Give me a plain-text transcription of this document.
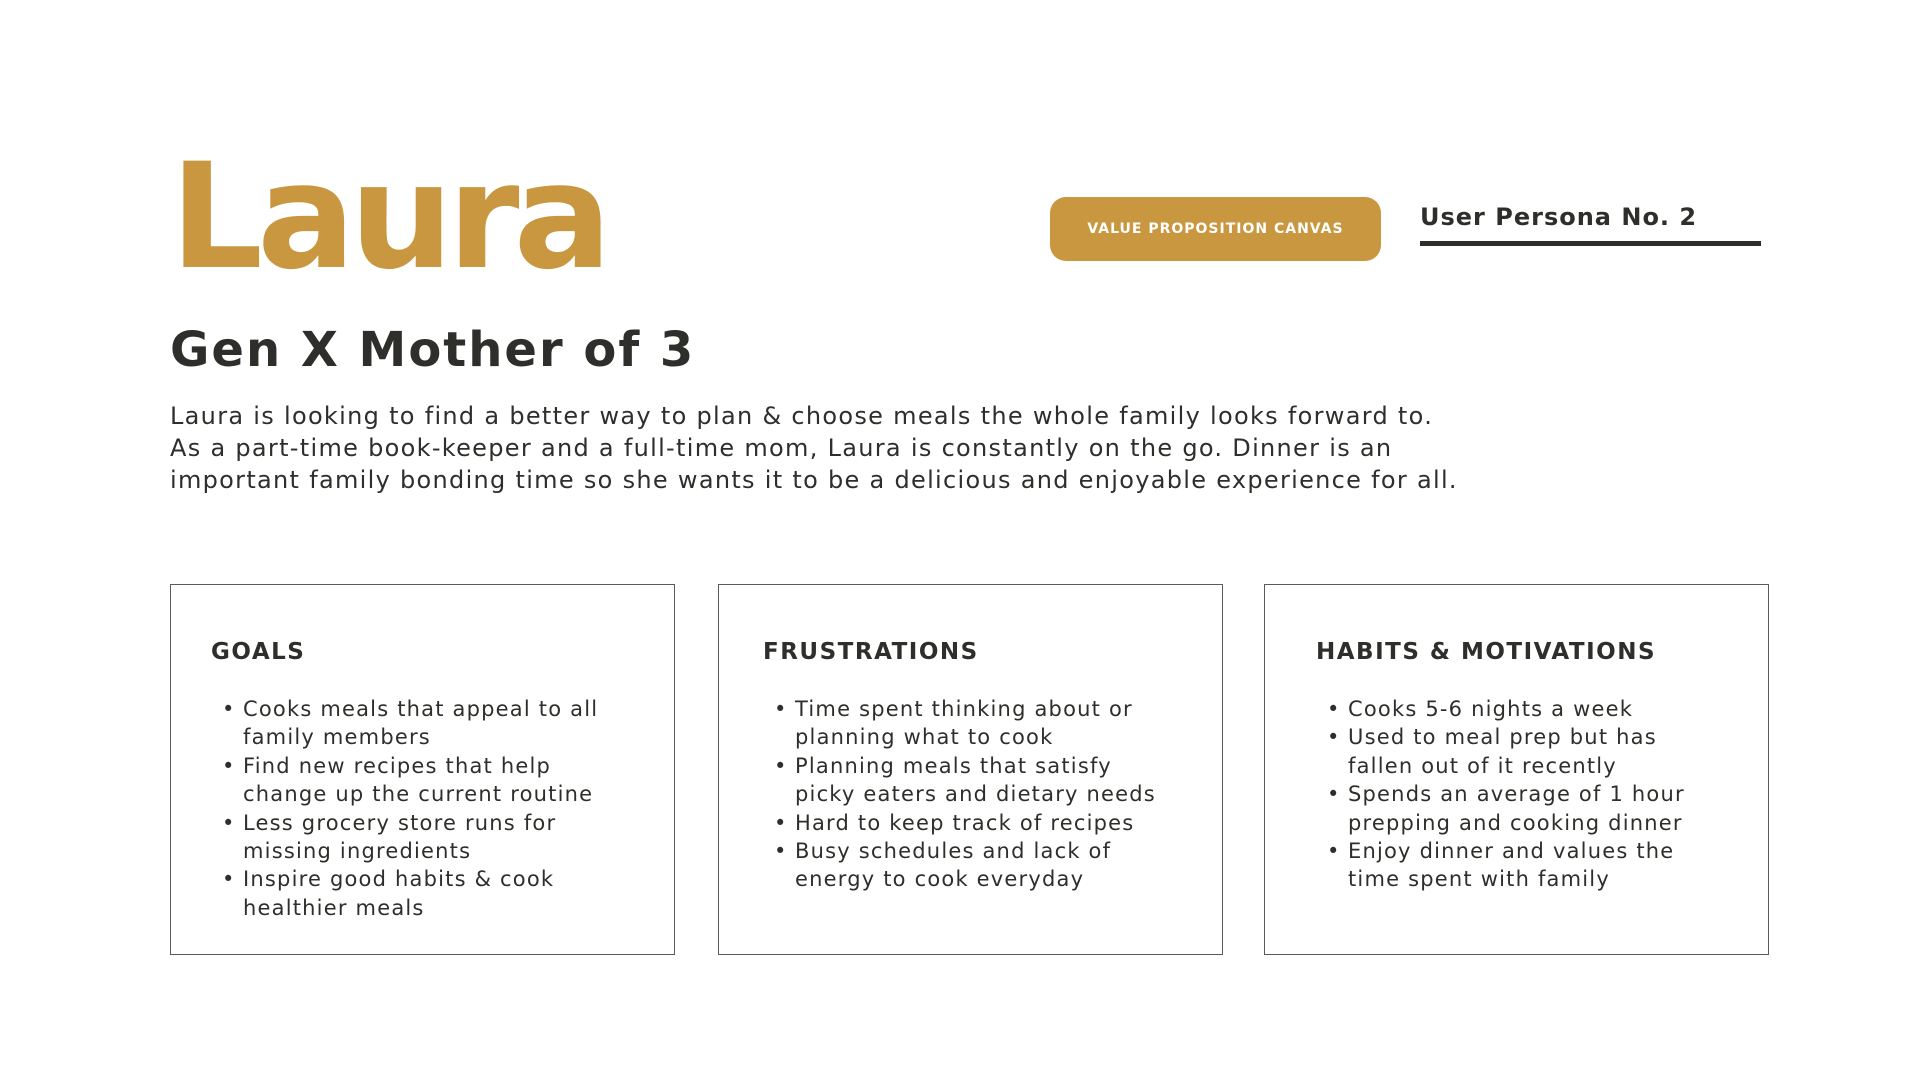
Laura	VALUE PROPOSITION CANVAS	User Persona No. 2
Gen X Mother of 3

Laura is looking to find a better way to plan & choose meals the whole family looks forward to.
As a part-time book-keeper and a full-time mom, Laura is constantly on the go. Dinner is an
important family bonding time so she wants it to be a delicious and enjoyable experience for all.

GOALS
• Cooks meals that appeal to all
family members
• Find new recipes that help
change up the current routine
• Less grocery store runs for
missing ingredients
• Inspire good habits & cook
healthier meals
FRUSTRATIONS
• Time spent thinking about or
planning what to cook
• Planning meals that satisfy
picky eaters and dietary needs
• Hard to keep track of recipes
• Busy schedules and lack of
energy to cook everyday
HABITS & MOTIVATIONS
• Cooks 5-6 nights a week
• Used to meal prep but has
fallen out of it recently
• Spends an average of 1 hour
prepping and cooking dinner
• Enjoy dinner and values the
time spent with family
